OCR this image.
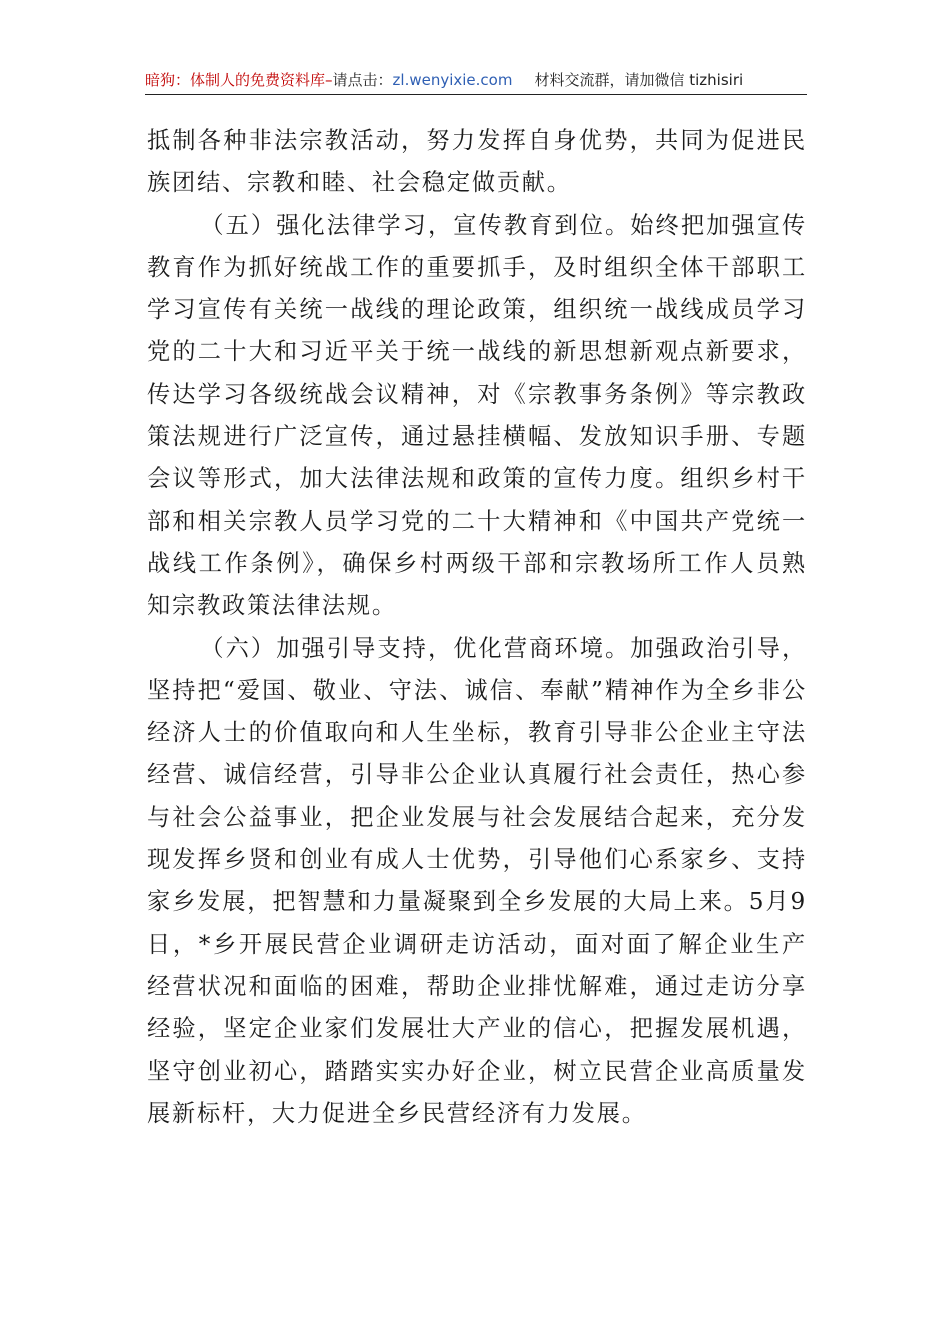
暗狗：体制人的免费资料库–请点击：zl.wenyixie.com 材料交流群，请加微信 tizhisiri

抵制各种非法宗教活动，努力发挥自身优势，共同为促进民族团结、宗教和睦、社会稳定做贡献。

（五）强化法律学习，宣传教育到位。始终把加强宣传教育作为抓好统战工作的重要抓手，及时组织全体干部职工学习宣传有关统一战线的理论政策，组织统一战线成员学习党的二十大和习近平关于统一战线的新思想新观点新要求，传达学习各级统战会议精神，对《宗教事务条例》等宗教政策法规进行广泛宣传，通过悬挂横幅、发放知识手册、专题会议等形式，加大法律法规和政策的宣传力度。组织乡村干部和相关宗教人员学习党的二十大精神和《中国共产党统一战线工作条例》，确保乡村两级干部和宗教场所工作人员熟知宗教政策法律法规。

（六）加强引导支持，优化营商环境。加强政治引导，坚持把“爱国、敬业、守法、诚信、奉献”精神作为全乡非公经济人士的价值取向和人生坐标，教育引导非公企业主守法经营、诚信经营，引导非公企业认真履行社会责任，热心参与社会公益事业，把企业发展与社会发展结合起来，充分发现发挥乡贤和创业有成人士优势，引导他们心系家乡、支持家乡发展，把智慧和力量凝聚到全乡发展的大局上来。5月9日，*乡开展民营企业调研走访活动，面对面了解企业生产经营状况和面临的困难，帮助企业排忧解难，通过走访分享经验，坚定企业家们发展壮大产业的信心，把握发展机遇，坚守创业初心，踏踏实实办好企业，树立民营企业高质量发展新标杆，大力促进全乡民营经济有力发展。
